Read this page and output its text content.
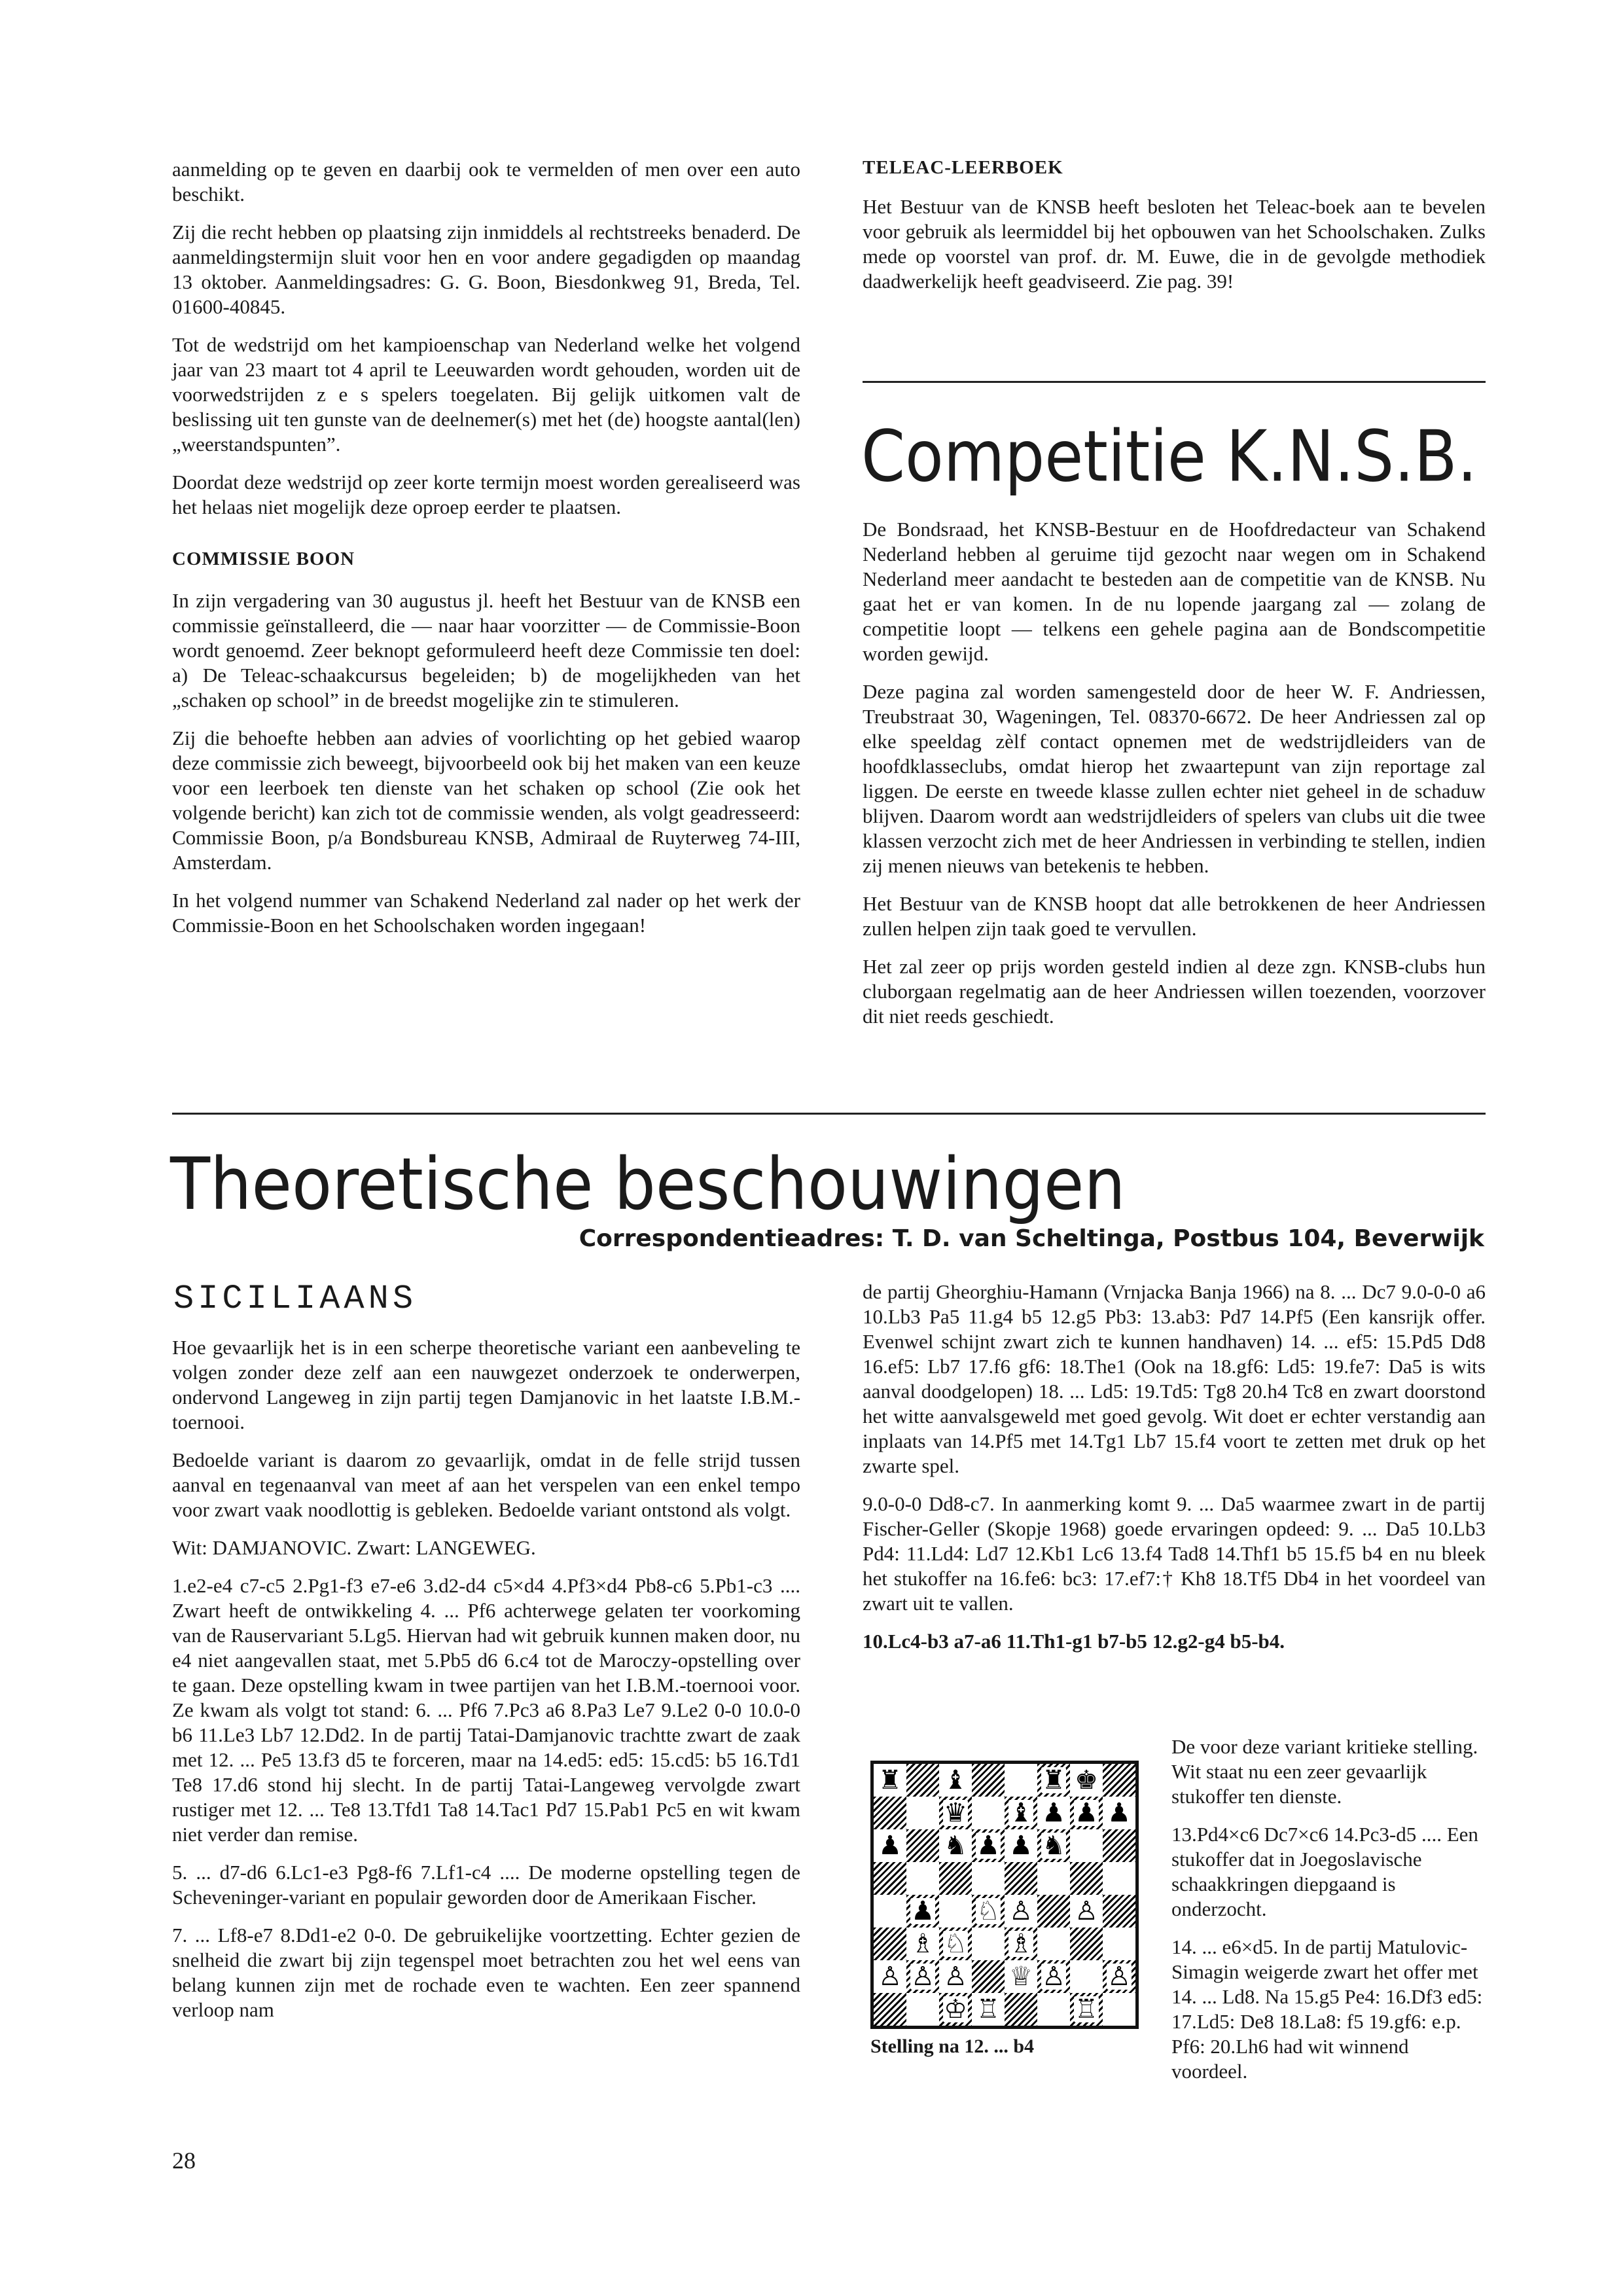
aanmelding op te geven en daarbij ook te vermelden of men over een auto beschikt.

Zij die recht hebben op plaatsing zijn inmiddels al rechtstreeks benaderd. De aanmeldingstermijn sluit voor hen en voor andere gegadigden op maandag 13 oktober. Aanmeldingsadres: G. G. Boon, Biesdonkweg 91, Breda, Tel. 01600-40845.

Tot de wedstrijd om het kampioenschap van Nederland welke het volgend jaar van 23 maart tot 4 april te Leeuwarden wordt gehouden, worden uit de voorwedstrijden z e s spelers toegelaten. Bij gelijk uitkomen valt de beslissing uit ten gunste van de deelnemer(s) met het (de) hoogste aantal(len) „weerstandspunten”.

Doordat deze wedstrijd op zeer korte termijn moest worden gerealiseerd was het helaas niet mogelijk deze oproep eerder te plaatsen.

COMMISSIE BOON

In zijn vergadering van 30 augustus jl. heeft het Bestuur van de KNSB een commissie geïnstalleerd, die — naar haar voorzitter — de Commissie-Boon wordt genoemd. Zeer beknopt geformuleerd heeft deze Commissie ten doel: a) De Teleac-schaakcursus begeleiden; b) de mogelijkheden van het „schaken op school” in de breedst mogelijke zin te stimuleren.

Zij die behoefte hebben aan advies of voorlichting op het gebied waarop deze commissie zich beweegt, bijvoorbeeld ook bij het maken van een keuze voor een leerboek ten dienste van het schaken op school (Zie ook het volgende bericht) kan zich tot de commissie wenden, als volgt geadresseerd: Commissie Boon, p/a Bondsbureau KNSB, Admiraal de Ruyterweg 74-III, Amsterdam.

In het volgend nummer van Schakend Nederland zal nader op het werk der Commissie-Boon en het Schoolschaken worden ingegaan!

TELEAC-LEERBOEK

Het Bestuur van de KNSB heeft besloten het Teleac-boek aan te bevelen voor gebruik als leermiddel bij het opbouwen van het Schoolschaken. Zulks mede op voorstel van prof. dr. M. Euwe, die in de gevolgde methodiek daadwerkelijk heeft geadviseerd. Zie pag. 39!

Competitie K.N.S.B.

De Bondsraad, het KNSB-Bestuur en de Hoofdredacteur van Schakend Nederland hebben al geruime tijd gezocht naar wegen om in Schakend Nederland meer aandacht te besteden aan de competitie van de KNSB. Nu gaat het er van komen. In de nu lopende jaargang zal — zolang de competitie loopt — telkens een gehele pagina aan de Bondscompetitie worden gewijd.

Deze pagina zal worden samengesteld door de heer W. F. Andriessen, Treubstraat 30, Wageningen, Tel. 08370-6672. De heer Andriessen zal op elke speeldag zèlf contact opnemen met de wedstrijdleiders van de hoofdklasseclubs, omdat hierop het zwaartepunt van zijn reportage zal liggen. De eerste en tweede klasse zullen echter niet geheel in de schaduw blijven. Daarom wordt aan wedstrijdleiders of spelers van clubs uit die twee klassen verzocht zich met de heer Andriessen in verbinding te stellen, indien zij menen nieuws van betekenis te hebben.

Het Bestuur van de KNSB hoopt dat alle betrokkenen de heer Andriessen zullen helpen zijn taak goed te vervullen.

Het zal zeer op prijs worden gesteld indien al deze zgn. KNSB-clubs hun cluborgaan regelmatig aan de heer Andriessen willen toezenden, voorzover dit niet reeds geschiedt.

Theoretische beschouwingen
Correspondentieadres: T. D. van Scheltinga, Postbus 104, Beverwijk
SICILIAANS

Hoe gevaarlijk het is in een scherpe theoretische variant een aanbeveling te volgen zonder deze zelf aan een nauwgezet onderzoek te onderwerpen, ondervond Langeweg in zijn partij tegen Damjanovic in het laatste I.B.M.-toernooi.

Bedoelde variant is daarom zo gevaarlijk, omdat in de felle strijd tussen aanval en tegenaanval van meet af aan het verspelen van een enkel tempo voor zwart vaak noodlottig is gebleken. Bedoelde variant ontstond als volgt.

Wit: DAMJANOVIC. Zwart: LANGEWEG.

1.e2-e4 c7-c5 2.Pg1-f3 e7-e6 3.d2-d4 c5×d4 4.Pf3×d4 Pb8-c6 5.Pb1-c3 .... Zwart heeft de ontwikkeling 4. ... Pf6 achterwege gelaten ter voorkoming van de Rauservariant 5.Lg5. Hiervan had wit gebruik kunnen maken door, nu e4 niet aangevallen staat, met 5.Pb5 d6 6.c4 tot de Maroczy-opstelling over te gaan. Deze opstelling kwam in twee partijen van het I.B.M.-toernooi voor. Ze kwam als volgt tot stand: 6. ... Pf6 7.Pc3 a6 8.Pa3 Le7 9.Le2 0-0 10.0-0 b6 11.Le3 Lb7 12.Dd2. In de partij Tatai-Damjanovic trachtte zwart de zaak met 12. ... Pe5 13.f3 d5 te forceren, maar na 14.ed5: ed5: 15.cd5: b5 16.Td1 Te8 17.d6 stond hij slecht. In de partij Tatai-Langeweg vervolgde zwart rustiger met 12. ... Te8 13.Tfd1 Ta8 14.Tac1 Pd7 15.Pab1 Pc5 en wit kwam niet verder dan remise.

5. ... d7-d6 6.Lc1-e3 Pg8-f6 7.Lf1-c4 .... De moderne opstelling tegen de Scheveninger-variant en populair geworden door de Amerikaan Fischer.

7. ... Lf8-e7 8.Dd1-e2 0-0. De gebruikelijke voortzetting. Echter gezien de snelheid die zwart bij zijn tegenspel moet betrachten zou het wel eens van belang kunnen zijn met de rochade even te wachten. Een zeer spannend verloop nam

de partij Gheorghiu-Hamann (Vrnjacka Banja 1966) na 8. ... Dc7 9.0-0-0 a6 10.Lb3 Pa5 11.g4 b5 12.g5 Pb3: 13.ab3: Pd7 14.Pf5 (Een kansrijk offer. Evenwel schijnt zwart zich te kunnen handhaven) 14. ... ef5: 15.Pd5 Dd8 16.ef5: Lb7 17.f6 gf6: 18.The1 (Ook na 18.gf6: Ld5: 19.fe7: Da5 is wits aanval doodgelopen) 18. ... Ld5: 19.Td5: Tg8 20.h4 Tc8 en zwart doorstond het witte aanvalsgeweld met goed gevolg. Wit doet er echter verstandig aan inplaats van 14.Pf5 met 14.Tg1 Lb7 15.f4 voort te zetten met druk op het zwarte spel.

9.0-0-0 Dd8-c7. In aanmerking komt 9. ... Da5 waarmee zwart in de partij Fischer-Geller (Skopje 1968) goede ervaringen opdeed: 9. ... Da5 10.Lb3 Pd4: 11.Ld4: Ld7 12.Kb1 Lc6 13.f4 Tad8 14.Thf1 b5 15.f5 b4 en nu bleek het stukoffer na 16.fe6: bc3: 17.ef7:† Kh8 18.Tf5 Db4 in het voordeel van zwart uit te vallen.

10.Lc4-b3 a7-a6 11.Th1-g1 b7-b5 12.g2-g4 b5-b4.

♜ ♝	♜ ♚
♛ ♝ ♟ ♟ ♟
♟ ♞ ♟ ♟ ♞
♟ ♘ ♙ ♙
♗ ♘ ♗
♙ ♙ ♙ ♕ ♙ ♙
♔ ♖	♖
Stelling na 12. ... b4

De voor deze variant kritieke stelling. Wit staat nu een zeer gevaarlijk stukoffer ten dienste.

13.Pd4×c6 Dc7×c6 14.Pc3-d5 .... Een stukoffer dat in Joegoslavische schaakkringen diepgaand is onderzocht.

14. ... e6×d5. In de partij Matulovic-Simagin weigerde zwart het offer met 14. ... Ld8. Na 15.g5 Pe4: 16.Df3 ed5: 17.Ld5: De8 18.La8: f5 19.gf6: e.p. Pf6: 20.Lh6 had wit winnend voordeel.

28
